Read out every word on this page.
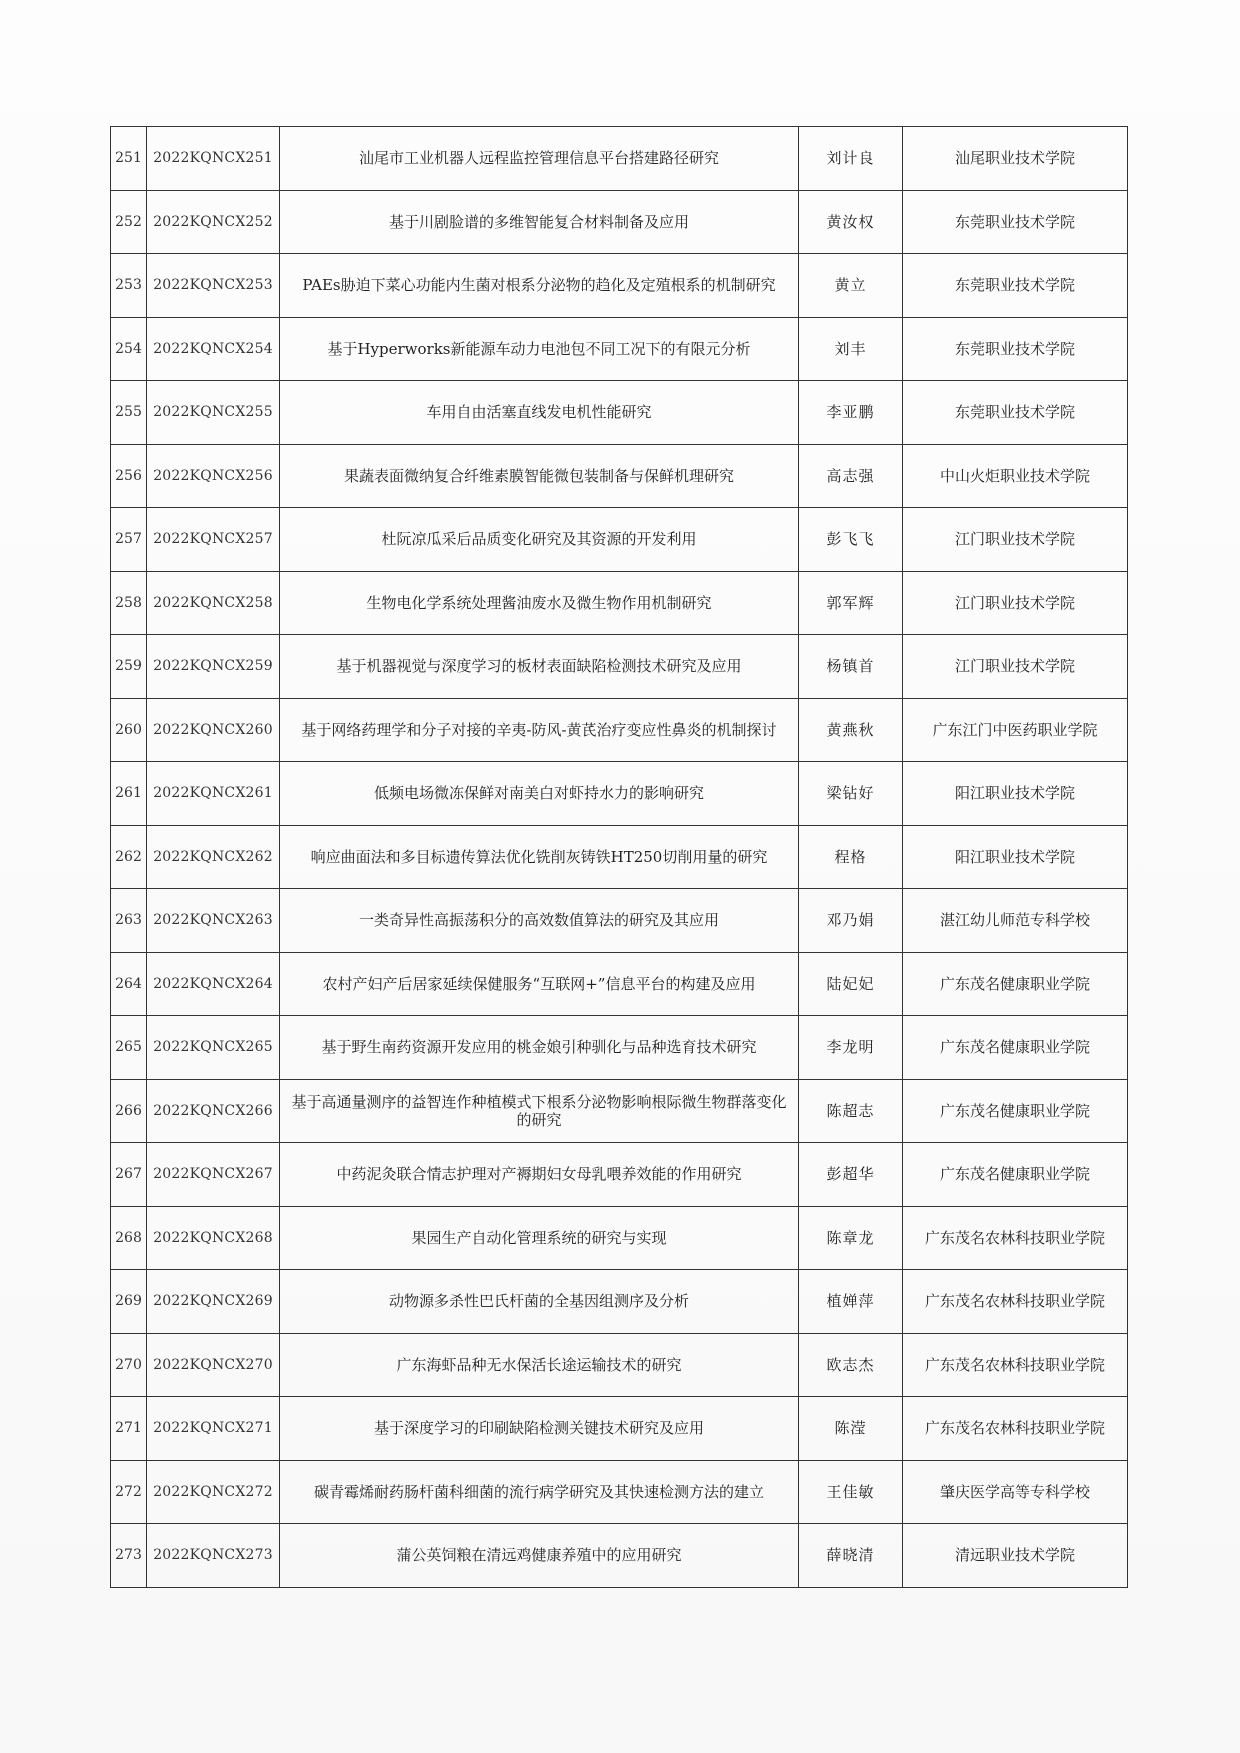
251	2022KQNCX251	汕尾市工业机器人远程监控管理信息平台搭建路径研究	刘计良	汕尾职业技术学院
252	2022KQNCX252	基于川剧脸谱的多维智能复合材料制备及应用	黄汝权	东莞职业技术学院
253	2022KQNCX253	PAEs胁迫下菜心功能内生菌对根系分泌物的趋化及定殖根系的机制研究	黄立	东莞职业技术学院
254	2022KQNCX254	基于Hyperworks新能源车动力电池包不同工况下的有限元分析	刘丰	东莞职业技术学院
255	2022KQNCX255	车用自由活塞直线发电机性能研究	李亚鹏	东莞职业技术学院
256	2022KQNCX256	果蔬表面微纳复合纤维素膜智能微包装制备与保鲜机理研究	高志强	中山火炬职业技术学院
257	2022KQNCX257	杜阮凉瓜采后品质变化研究及其资源的开发利用	彭飞飞	江门职业技术学院
258	2022KQNCX258	生物电化学系统处理酱油废水及微生物作用机制研究	郭军辉	江门职业技术学院
259	2022KQNCX259	基于机器视觉与深度学习的板材表面缺陷检测技术研究及应用	杨镇首	江门职业技术学院
260	2022KQNCX260	基于网络药理学和分子对接的辛夷-防风-黄芪治疗变应性鼻炎的机制探讨	黄燕秋	广东江门中医药职业学院
261	2022KQNCX261	低频电场微冻保鲜对南美白对虾持水力的影响研究	梁钻好	阳江职业技术学院
262	2022KQNCX262	响应曲面法和多目标遗传算法优化铣削灰铸铁HT250切削用量的研究	程格	阳江职业技术学院
263	2022KQNCX263	一类奇异性高振荡积分的高效数值算法的研究及其应用	邓乃娟	湛江幼儿师范专科学校
264	2022KQNCX264	农村产妇产后居家延续保健服务“互联网+”信息平台的构建及应用	陆妃妃	广东茂名健康职业学院
265	2022KQNCX265	基于野生南药资源开发应用的桃金娘引种驯化与品种选育技术研究	李龙明	广东茂名健康职业学院
266	2022KQNCX266	基于高通量测序的益智连作种植模式下根系分泌物影响根际微生物群落变化的研究	陈超志	广东茂名健康职业学院
267	2022KQNCX267	中药泥灸联合情志护理对产褥期妇女母乳喂养效能的作用研究	彭超华	广东茂名健康职业学院
268	2022KQNCX268	果园生产自动化管理系统的研究与实现	陈章龙	广东茂名农林科技职业学院
269	2022KQNCX269	动物源多杀性巴氏杆菌的全基因组测序及分析	植婵萍	广东茂名农林科技职业学院
270	2022KQNCX270	广东海虾品种无水保活长途运输技术的研究	欧志杰	广东茂名农林科技职业学院
271	2022KQNCX271	基于深度学习的印刷缺陷检测关键技术研究及应用	陈滢	广东茂名农林科技职业学院
272	2022KQNCX272	碳青霉烯耐药肠杆菌科细菌的流行病学研究及其快速检测方法的建立	王佳敏	肇庆医学高等专科学校
273	2022KQNCX273	蒲公英饲粮在清远鸡健康养殖中的应用研究	薛晓清	清远职业技术学院
